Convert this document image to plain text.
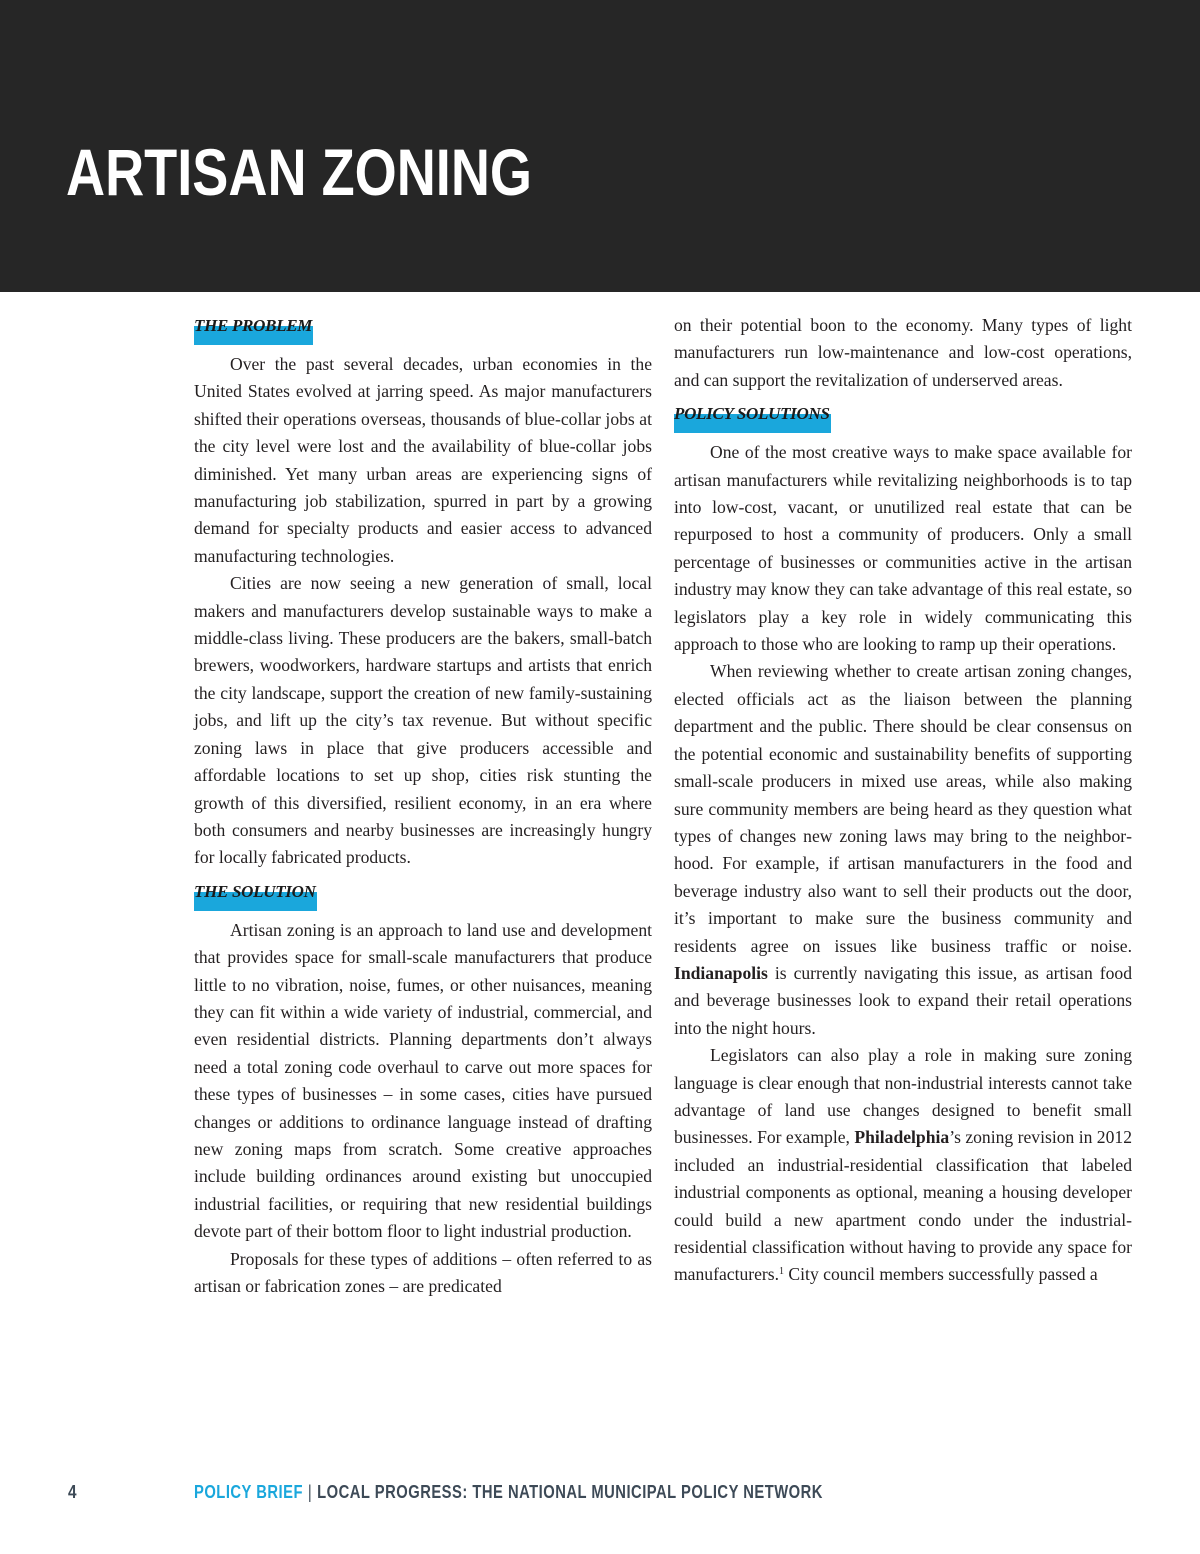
ARTISAN ZONING
THE PROBLEM

Over the past several decades, urban economies in the United States evolved at jarring speed. As major manufacturers shifted their operations overseas, thousands of blue-collar jobs at the city level were lost and the availability of blue-collar jobs diminished. Yet many urban areas are experiencing signs of manufacturing job stabilization, spurred in part by a growing demand for specialty products and easier access to advanced manufacturing technologies.

Cities are now seeing a new generation of small, local makers and manufacturers develop sustainable ways to make a middle-class living. These producers are the bakers, small-batch brewers, woodworkers, hardware startups and artists that enrich the city landscape, support the creation of new family-sustaining jobs, and lift up the city’s tax revenue. But without specific zoning laws in place that give producers accessible and affordable locations to set up shop, cities risk stunting the growth of this diversified, resilient economy, in an era where both consumers and nearby businesses are increasingly hungry for locally fabricated products.

THE SOLUTION

Artisan zoning is an approach to land use and development that provides space for small-scale manufacturers that produce little to no vibration, noise, fumes, or other nuisances, meaning they can fit within a wide variety of industrial, commercial, and even residential districts. Planning departments don’t always need a total zoning code overhaul to carve out more spaces for these types of businesses – in some cases, cities have pursued changes or additions to ordinance language instead of drafting new zoning maps from scratch. Some creative approaches include building ordinances around existing but unoccupied industrial facilities, or requiring that new residential buildings devote part of their bottom floor to light industrial production.

Proposals for these types of additions – often referred to as artisan or fabrication zones – are predicated

on their potential boon to the economy. Many types of light manufacturers run low-maintenance and low-cost operations, and can support the revitalization of underserved areas.

POLICY SOLUTIONS

One of the most creative ways to make space available for artisan manufacturers while revitalizing neighborhoods is to tap into low-cost, vacant, or unutilized real estate that can be repurposed to host a community of producers. Only a small percentage of businesses or communities active in the artisan industry may know they can take advantage of this real estate, so legislators play a key role in widely communicating this approach to those who are looking to ramp up their operations.

When reviewing whether to create artisan zoning changes, elected officials act as the liaison between the planning department and the public. There should be clear consensus on the potential economic and sustainability benefits of supporting small-scale producers in mixed use areas, while also making sure community members are being heard as they question what types of changes new zoning laws may bring to the neighborhood. For example, if artisan manufacturers in the food and beverage industry also want to sell their products out the door, it’s important to make sure the business community and residents agree on issues like business traffic or noise. Indianapolis is currently navigating this issue, as artisan food and beverage businesses look to expand their retail operations into the night hours.

Legislators can also play a role in making sure zoning language is clear enough that non-industrial interests cannot take advantage of land use changes designed to benefit small businesses. For example, Philadelphia’s zoning revision in 2012 included an industrial-residential classification that labeled industrial components as optional, meaning a housing developer could build a new apartment condo under the industrial-residential classification without having to provide any space for manufacturers.$^1$ City council members successfully passed a

4	POLICY BRIEF | LOCAL PROGRESS: THE NATIONAL MUNICIPAL POLICY NETWORK
